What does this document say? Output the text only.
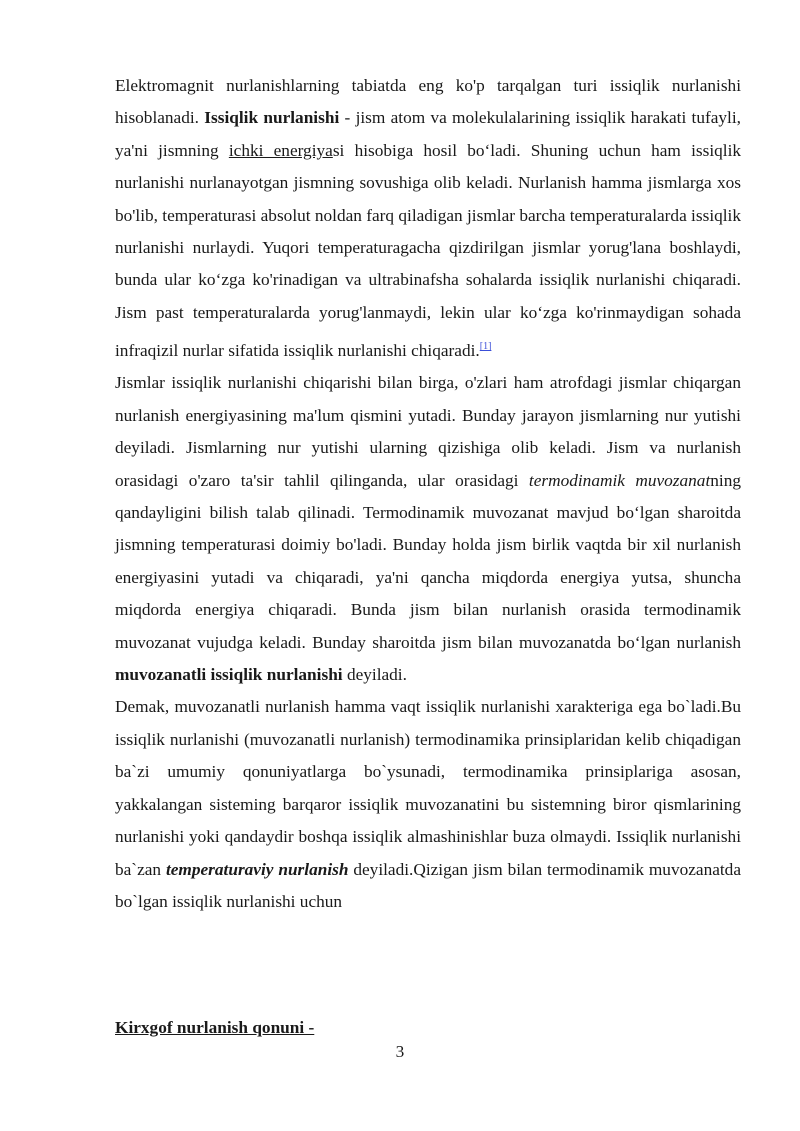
Elektromagnit nurlanishlarning tabiatda eng ko'p tarqalgan turi issiqlik nurlanishi hisoblanadi. Issiqlik nurlanishi - jism atom va molekulalarining issiqlik harakati tufayli, ya'ni jismning ichki energiyasi hisobiga hosil bo‘ladi. Shuning uchun ham issiqlik nurlanishi nurlanayotgan jismning sovushiga olib keladi. Nurlanish hamma jismlarga xos bo'lib, temperaturasi absolut noldan farq qiladigan jismlar barcha temperaturalarda issiqlik nurlanishi nurlaydi. Yuqori temperaturagacha qizdirilgan jismlar yorug'lana boshlaydi, bunda ular ko‘zga ko'rinadigan va ultrabinafsha sohalarda issiqlik nurlanishi chiqaradi. Jism past temperaturalarda yorug'lanmaydi, lekin ular ko‘zga ko'rinmaydigan sohada infraqizil nurlar sifatida issiqlik nurlanishi chiqaradi.[1]

Jismlar issiqlik nurlanishi chiqarishi bilan birga, o'zlari ham atrofdagi jismlar chiqargan nurlanish energiyasining ma'lum qismini yutadi. Bunday jarayon jismlarning nur yutishi deyiladi. Jismlarning nur yutishi ularning qizishiga olib keladi. Jism va nurlanish orasidagi o'zaro ta'sir tahlil qilinganda, ular orasidagi termodinamik muvozanatning qandayligini bilish talab qilinadi. Termodinamik muvozanat mavjud bo‘lgan sharoitda jismning temperaturasi doimiy bo'ladi. Bunday holda jism birlik vaqtda bir xil nurlanish energiyasini yutadi va chiqaradi, ya'ni qancha miqdorda energiya yutsa, shuncha miqdorda energiya chiqaradi. Bunda jism bilan nurlanish orasida termodinamik muvozanat vujudga keladi. Bunday sharoitda jism bilan muvozanatda bo‘lgan nurlanish muvozanatli issiqlik nurlanishi deyiladi.

Demak, muvozanatli nurlanish hamma vaqt issiqlik nurlanishi xarakteriga ega bo`ladi.Bu issiqlik nurlanishi (muvozanatli nurlanish) termodinamika prinsiplaridan kelib chiqadigan ba`zi umumiy qonuniyatlarga bo`ysunadi, termodinamika prinsiplariga asosan, yakkalangan sisteming barqaror issiqlik muvozanatini bu sistemning biror qismlarining nurlanishi yoki qandaydir boshqa issiqlik almashinishlar buza olmaydi. Issiqlik nurlanishi ba`zan temperaturaviy nurlanish deyiladi.Qizigan jism bilan termodinamik muvozanatda bo`lgan issiqlik nurlanishi uchun

Kirxgof nurlanish qonuni -
3
